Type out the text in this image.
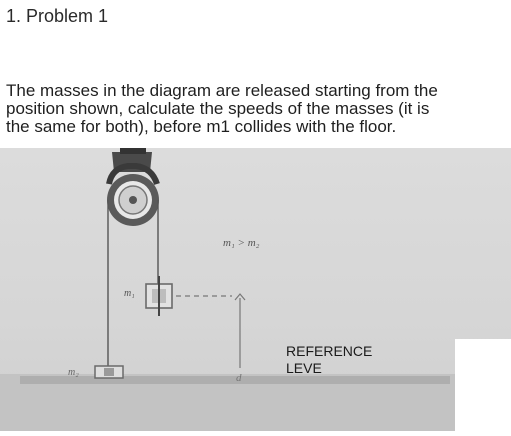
1. Problem 1
The masses in the diagram are released starting from the
position shown, calculate the speeds of the masses (it is
the same for both), before m1 collides with the floor.
m₁
d
m₁ > m₂
m₂
REFERENCE
LEVE
